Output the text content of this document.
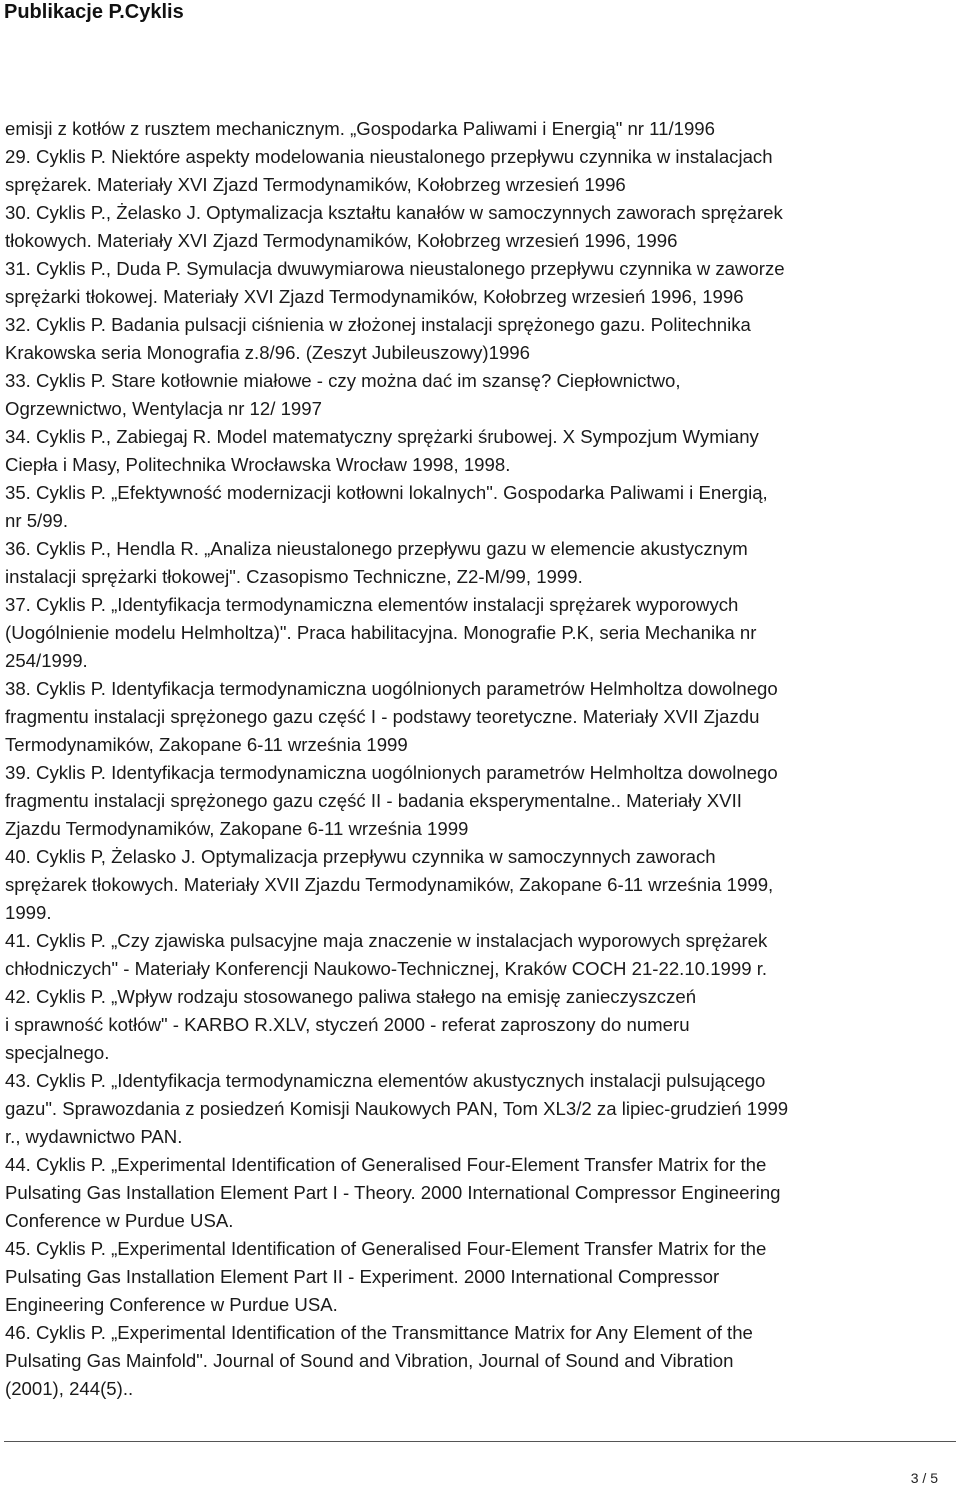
Publikacje P.Cyklis
emisji z kotłów z rusztem mechanicznym. „Gospodarka Paliwami i Energią" nr 11/1996
29. Cyklis P. Niektóre aspekty modelowania nieustalonego przepływu czynnika w instalacjach
sprężarek. Materiały XVI Zjazd Termodynamików, Kołobrzeg wrzesień 1996
30. Cyklis P., Żelasko J. Optymalizacja kształtu kanałów w samoczynnych zaworach sprężarek
tłokowych. Materiały XVI Zjazd Termodynamików, Kołobrzeg wrzesień 1996, 1996
31. Cyklis P., Duda P. Symulacja dwuwymiarowa nieustalonego przepływu czynnika w zaworze
sprężarki tłokowej. Materiały XVI Zjazd Termodynamików, Kołobrzeg wrzesień 1996, 1996
32. Cyklis P. Badania pulsacji ciśnienia w złożonej instalacji sprężonego gazu. Politechnika
Krakowska seria Monografia z.8/96. (Zeszyt Jubileuszowy)1996
33. Cyklis P. Stare kotłownie miałowe - czy można dać im szansę? Ciepłownictwo,
Ogrzewnictwo, Wentylacja nr 12/ 1997
34. Cyklis P., Zabiegaj R. Model matematyczny sprężarki śrubowej. X Sympozjum Wymiany
Ciepła i Masy, Politechnika Wrocławska Wrocław 1998, 1998.
35. Cyklis P. „Efektywność modernizacji kotłowni lokalnych". Gospodarka Paliwami i Energią,
nr 5/99.
36. Cyklis P., Hendla R. „Analiza nieustalonego przepływu gazu w elemencie akustycznym
instalacji sprężarki tłokowej". Czasopismo Techniczne, Z2-M/99, 1999.
37. Cyklis P. „Identyfikacja termodynamiczna elementów instalacji sprężarek wyporowych
(Uogólnienie modelu Helmholtza)". Praca habilitacyjna. Monografie P.K, seria Mechanika nr
254/1999.
38. Cyklis P. Identyfikacja termodynamiczna uogólnionych parametrów Helmholtza dowolnego
fragmentu instalacji sprężonego gazu część I - podstawy teoretyczne. Materiały XVII Zjazdu
Termodynamików, Zakopane 6-11 września 1999
39. Cyklis P. Identyfikacja termodynamiczna uogólnionych parametrów Helmholtza dowolnego
fragmentu instalacji sprężonego gazu część II - badania eksperymentalne.. Materiały XVII
Zjazdu Termodynamików, Zakopane 6-11 września 1999
40. Cyklis P, Żelasko J. Optymalizacja przepływu czynnika w samoczynnych zaworach
sprężarek tłokowych. Materiały XVII Zjazdu Termodynamików, Zakopane 6-11 września 1999,
1999.
41. Cyklis P. „Czy zjawiska pulsacyjne maja znaczenie w instalacjach wyporowych sprężarek
chłodniczych" - Materiały Konferencji Naukowo-Technicznej, Kraków COCH 21-22.10.1999 r.
42. Cyklis P. „Wpływ rodzaju stosowanego paliwa stałego na emisję zanieczyszczeń
i sprawność kotłów" - KARBO R.XLV, styczeń 2000 - referat zaproszony do numeru
specjalnego.
43. Cyklis P. „Identyfikacja termodynamiczna elementów akustycznych instalacji pulsującego
gazu". Sprawozdania z posiedzeń Komisji Naukowych PAN, Tom XL3/2 za lipiec-grudzień 1999
r., wydawnictwo PAN.
44. Cyklis P. „Experimental Identification of Generalised Four-Element Transfer Matrix for the
Pulsating Gas Installation Element Part I - Theory. 2000 International Compressor Engineering
Conference w Purdue USA.
45. Cyklis P. „Experimental Identification of Generalised Four-Element Transfer Matrix for the
Pulsating Gas Installation Element Part II - Experiment. 2000 International Compressor
Engineering Conference w Purdue USA.
46. Cyklis P. „Experimental Identification of the Transmittance Matrix for Any Element of the
Pulsating Gas Mainfold". Journal of Sound and Vibration, Journal of Sound and Vibration
(2001), 244(5)..
3 / 5
